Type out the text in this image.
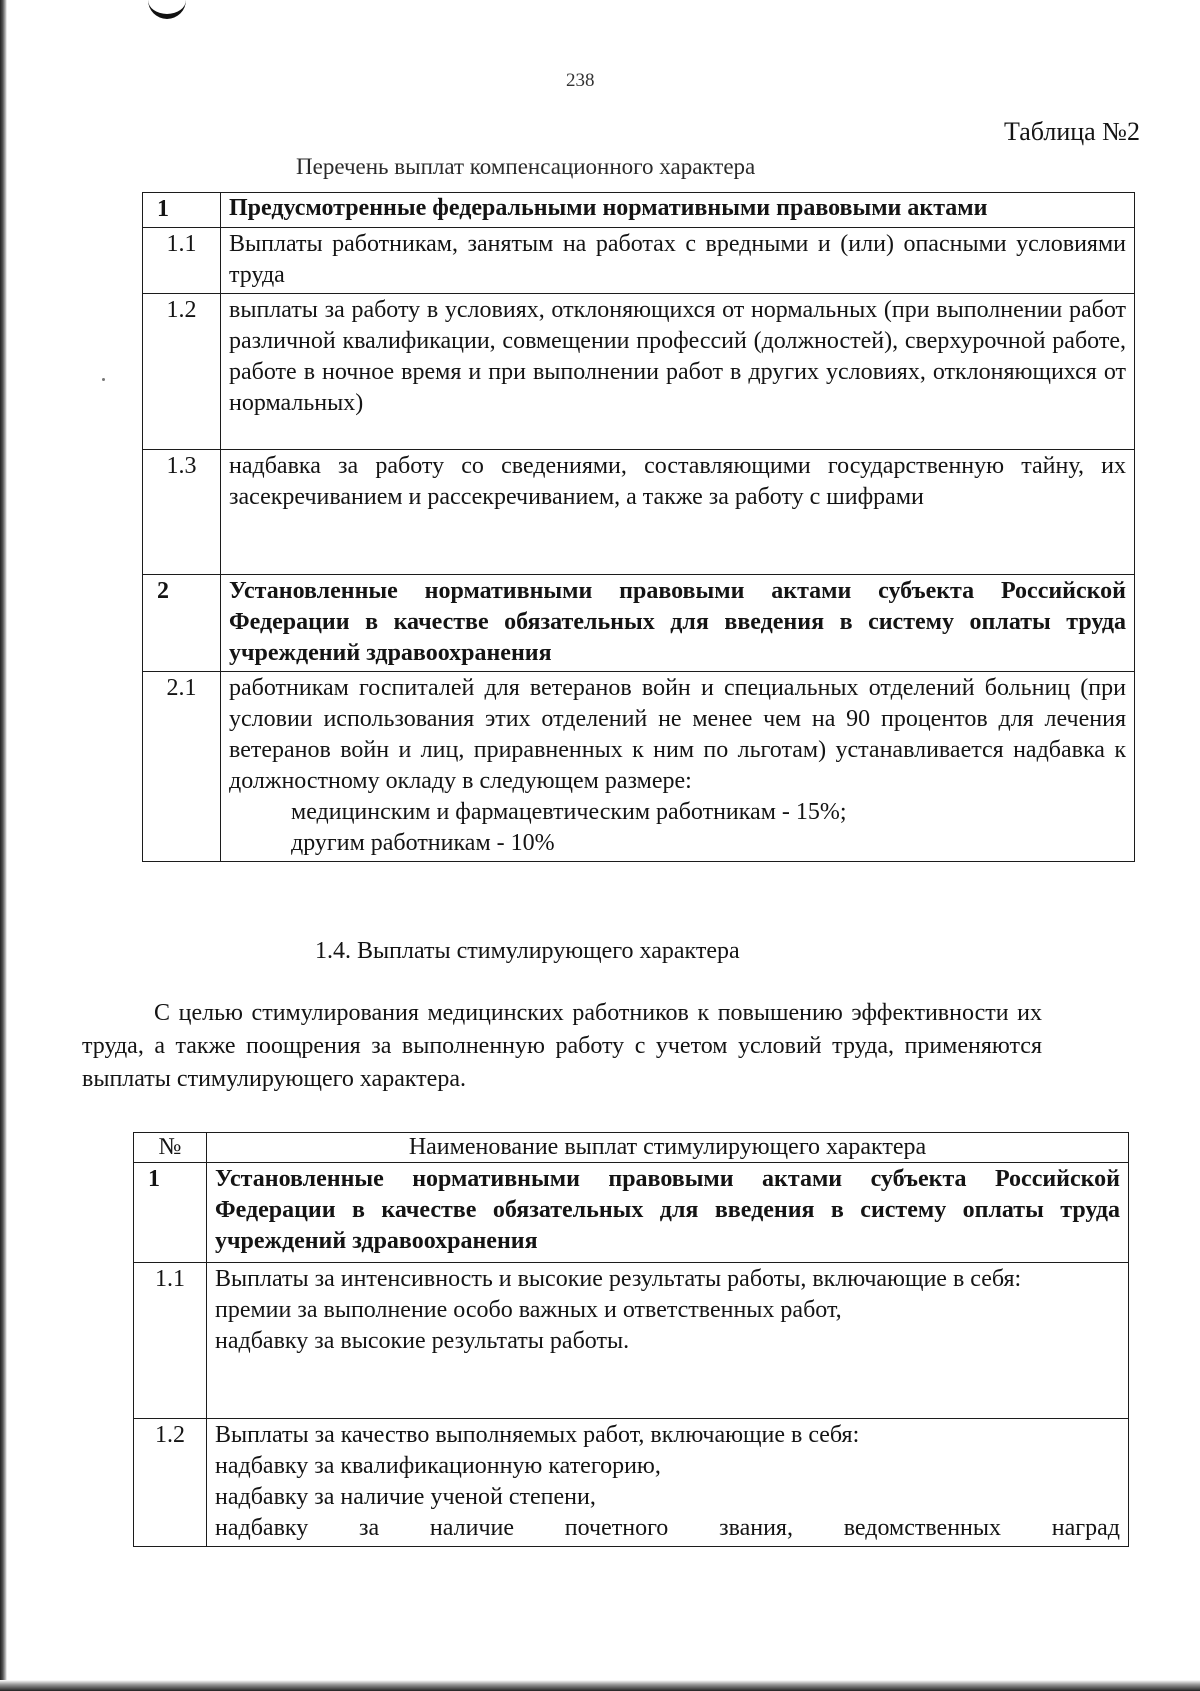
238
Таблица №2
Перечень выплат компенсационного характера
1	Предусмотренные федеральными нормативными правовыми актами
1.1	Выплаты работникам, занятым на работах с вредными и (или) опасными условиями труда
1.2	выплаты за работу в условиях, отклоняющихся от нормальных (при выполнении работ различной квалификации, совмещении профессий (должностей), сверхурочной работе, работе в ночное время и при выполнении работ в других условиях, отклоняющихся от нормальных)
1.3	надбавка за работу со сведениями, составляющими государственную тайну, их засекречиванием и рассекречиванием, а также за работу с шифрами
2	Установленные нормативными правовыми актами субъекта Российской Федерации в качестве обязательных для введения в систему оплаты труда учреждений здравоохранения
2.1	работникам госпиталей для ветеранов войн и специальных отделений больниц (при условии использования этих отделений не менее чем на 90 процентов для лечения ветеранов войн и лиц, приравненных к ним по льготам) устанавливается надбавка к должностному окладу в следующем размере:
медицинским и фармацевтическим работникам - 15%;
другим работникам - 10%
1.4. Выплаты стимулирующего характера
С целью стимулирования медицинских работников к повышению эффективности их труда, а также поощрения за выполненную работу с учетом условий труда, применяются выплаты стимулирующего характера.
№	Наименование выплат стимулирующего характера
1	Установленные нормативными правовыми актами субъекта Российской Федерации в качестве обязательных для введения в систему оплаты труда учреждений здравоохранения
1.1	Выплаты за интенсивность и высокие результаты работы, включающие в себя:
премии за выполнение особо важных и ответственных работ,
надбавку за высокие результаты работы.

1.2	Выплаты за качество выполняемых работ, включающие в себя:
надбавку за квалификационную категорию,
надбавку за наличие ученой степени,
надбавку за наличие почетного звания, ведомственных наград
